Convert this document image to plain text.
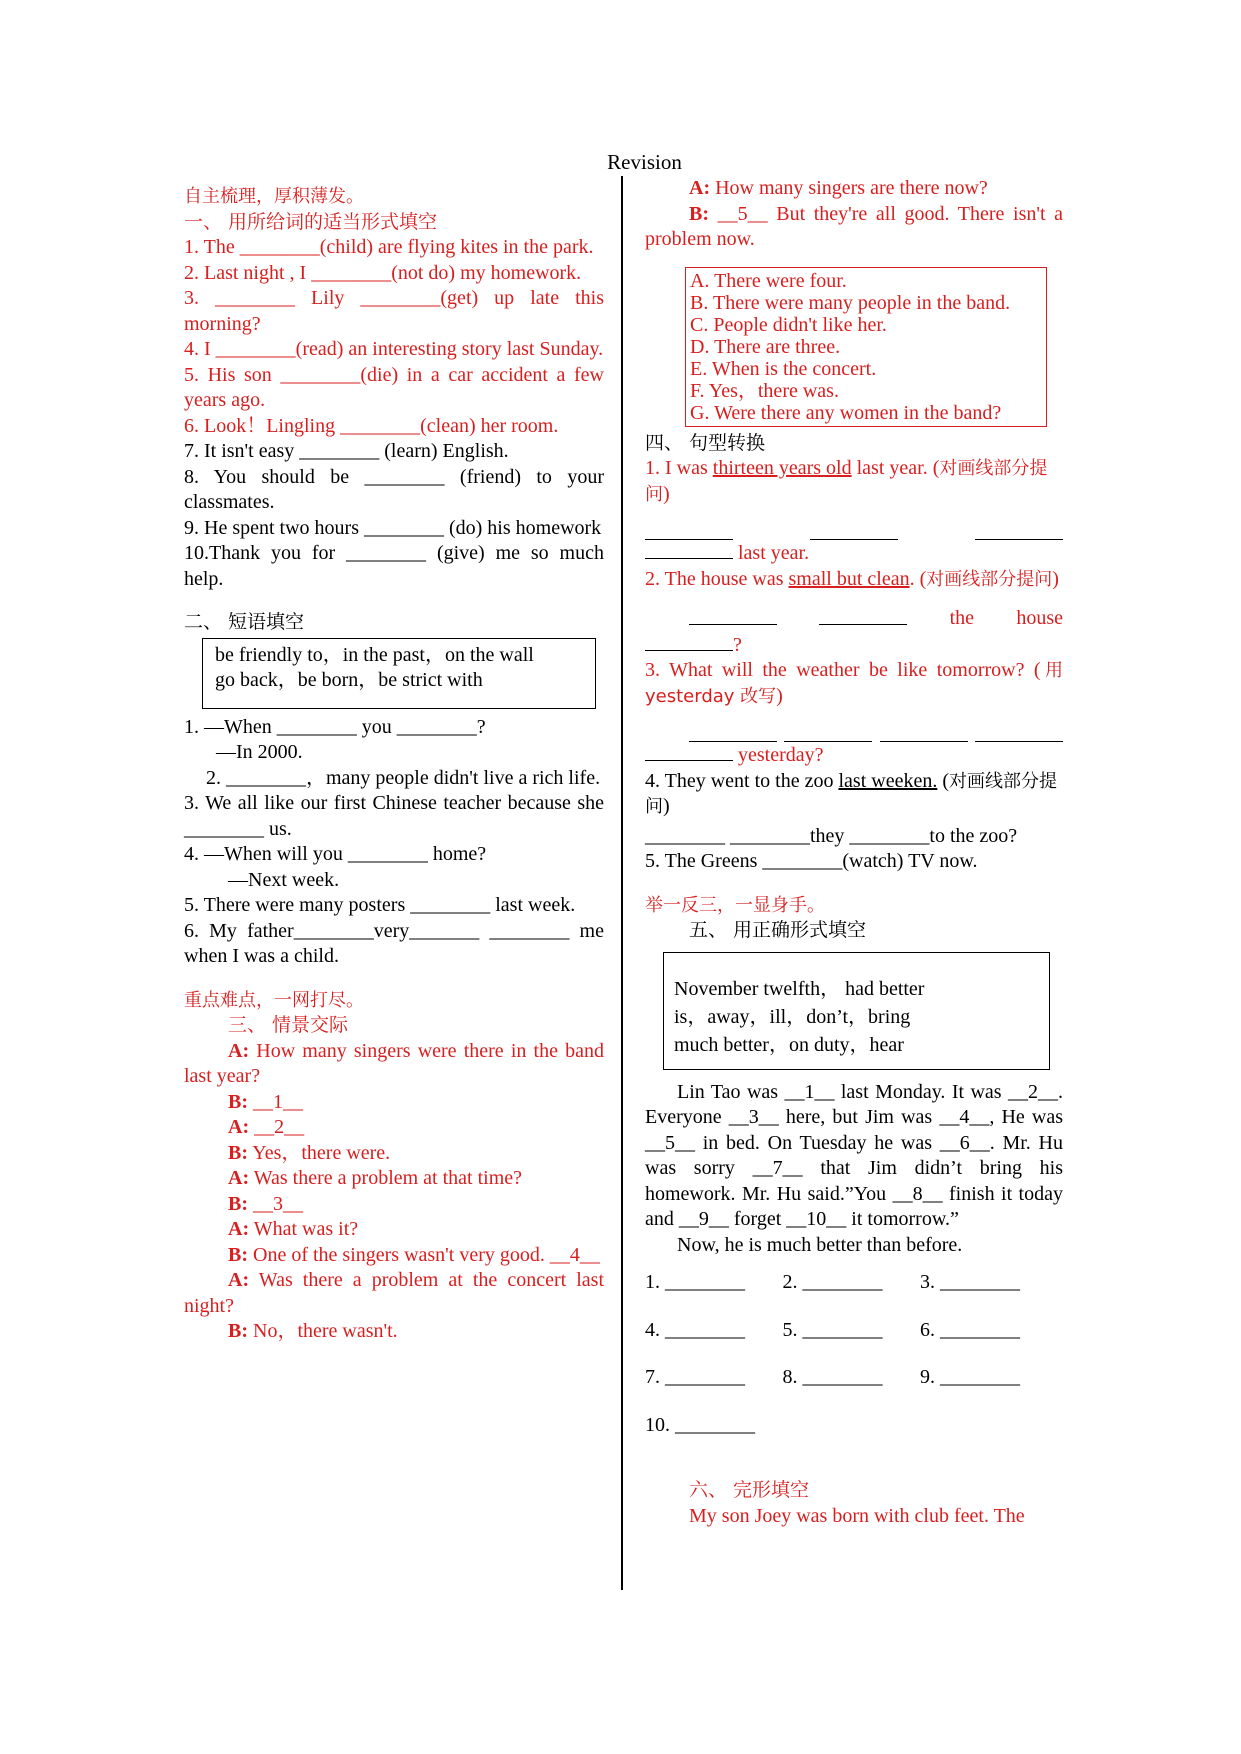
Revision

自主梳理，厚积薄发。

一、 用所给词的适当形式填空

1. The ________(child) are flying kites in the park.

2. Last night , I ________(not do) my homework.

3. ________ Lily ________(get) up late this morning?

4. I ________(read) an interesting story last Sunday.

5. His son ________(die) in a car accident a few years ago.

6. Look！Lingling ________(clean) her room.

7. It isn't easy ________ (learn) English.

8. You should be ________ (friend) to your classmates.

9. He spent two hours ________ (do) his homework

10.Thank you for ________ (give) me so much help.

二、 短语填空

be friendly to，in the past，on the wall

go back，be born，be strict with

1. —When ________ you ________?

—In 2000.

2. ________，many people didn't live a rich life.

3. We all like our first Chinese teacher because she ________ us.

4. —When will you ________ home?

—Next week.

5. There were many posters ________ last week.

6. My father________very_______ ________ me when I was a child.

重点难点，一网打尽。

三、 情景交际

A: How many singers were there in the band last year?

B: __1__

A: __2__

B: Yes，there were.

A: Was there a problem at that time?

B: __3__

A: What was it?

B: One of the singers wasn't very good. __4__

A: Was there a problem at the concert last night?

B: No，there wasn't.

A: How many singers are there now?

B: __5__ But they're all good. There isn't a problem now.

A. There were four.

B. There were many people in the band.

C. People didn't like her.

D. There are three.

E. When is the concert.

F. Yes，there was.

G. Were there any women in the band?

四、 句型转换

1. I was thirteen years old last year. (对画线部分提问)

last year.

2. The house was small but clean. (对画线部分提问)

the house

?

3. What will the weather be like tomorrow? (用 yesterday 改写)

yesterday?

4. They went to the zoo last weeken. (对画线部分提问)

________ ________they ________to the zoo?

5. The Greens ________(watch) TV now.

举一反三，一显身手。

五、 用正确形式填空

November twelfth， had better

is，away，ill，don’t，bring

much better，on duty，hear

Lin Tao was __1__ last Monday. It was __2__. Everyone __3__ here, but Jim was __4__, He was __5__ in bed. On Tuesday he was __6__. Mr. Hu was sorry __7__ that Jim didn’t bring his homework. Mr. Hu said.”You __8__ finish it today and __9__ forget __10__ it tomorrow.”

Now, he is much better than before.

1. ________ 2. ________ 3. ________
4. ________ 5. ________ 6. ________
7. ________ 8. ________ 9. ________
10. ________

六、 完形填空

My son Joey was born with club feet. The
